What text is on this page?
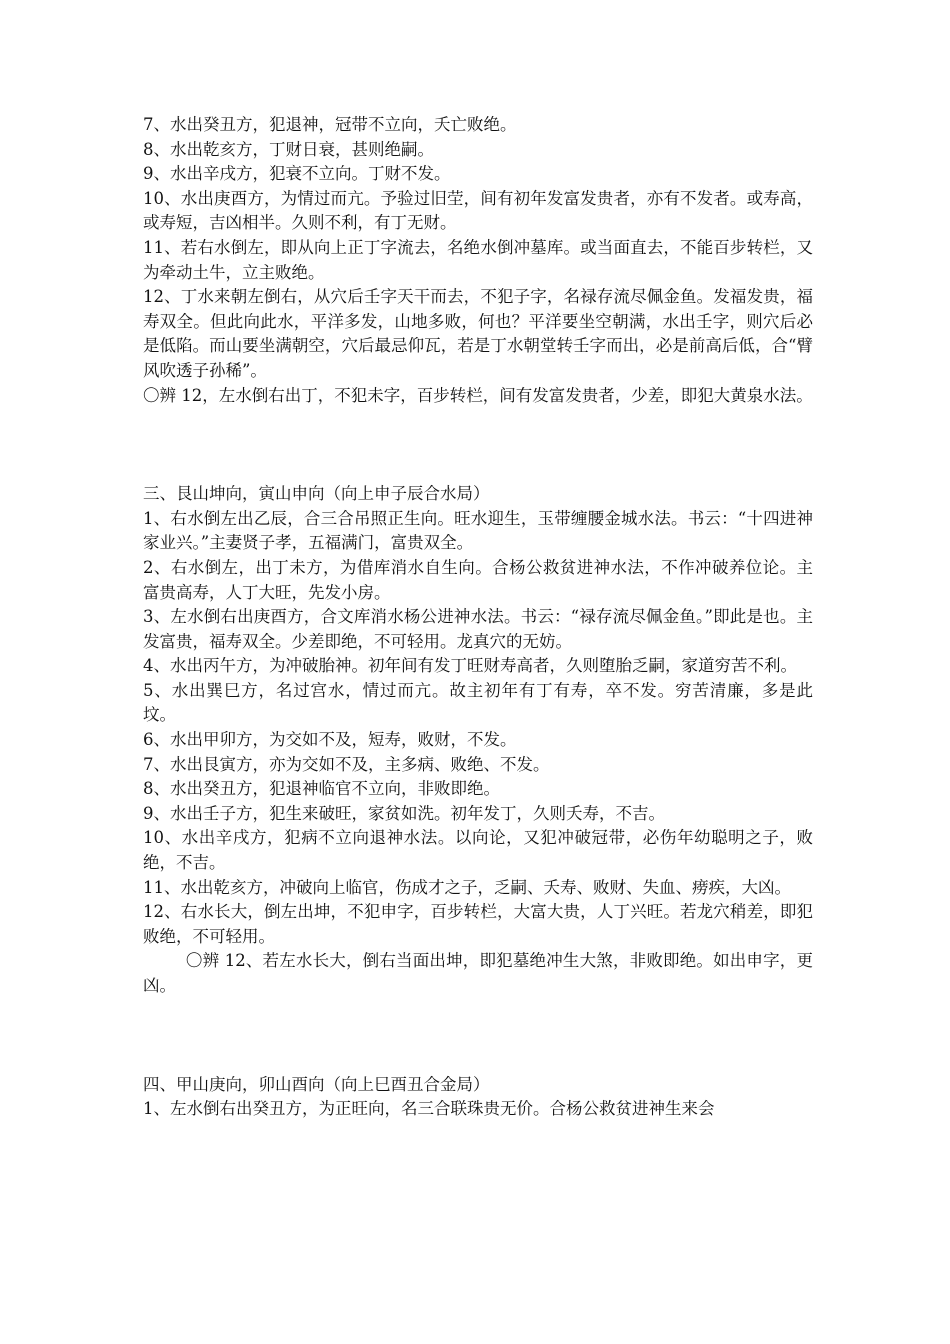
7、水出癸丑方，犯退神，冠带不立向，夭亡败绝。

8、水出乾亥方，丁财日衰，甚则绝嗣。

9、水出辛戌方，犯衰不立向。丁财不发。

10、水出庚酉方，为情过而亢。予验过旧茔，间有初年发富发贵者，亦有不发者。或寿高，或寿短，吉凶相半。久则不利，有丁无财。

11、若右水倒左，即从向上正丁字流去，名绝水倒冲墓库。或当面直去，不能百步转栏，又为牵动土牛，立主败绝。

12、丁水来朝左倒右，从穴后壬字天干而去，不犯子字，名禄存流尽佩金鱼。发福发贵，福寿双全。但此向此水，平洋多发，山地多败，何也？平洋要坐空朝满，水出壬字，则穴后必是低陷。而山要坐满朝空，穴后最忌仰瓦，若是丁水朝堂转壬字而出，必是前高后低，合“臂风吹透子孙稀”。

〇辨 12，左水倒右出丁，不犯未字，百步转栏，间有发富发贵者，少差，即犯大黄泉水法。

三、艮山坤向，寅山申向（向上申子辰合水局）

1、右水倒左出乙辰，合三合吊照正生向。旺水迎生，玉带缠腰金城水法。书云：“十四进神家业兴。”主妻贤子孝，五福满门，富贵双全。

2、右水倒左，出丁未方，为借库消水自生向。合杨公救贫进神水法，不作冲破养位论。主富贵高寿，人丁大旺，先发小房。

3、左水倒右出庚酉方，合文库消水杨公进神水法。书云：“禄存流尽佩金鱼。”即此是也。主发富贵，福寿双全。少差即绝，不可轻用。龙真穴的无妨。

4、水出丙午方，为冲破胎神。初年间有发丁旺财寿高者，久则堕胎乏嗣，家道穷苦不利。

5、水出巽巳方，名过宫水，情过而亢。故主初年有丁有寿，卒不发。穷苦清廉，多是此坟。

6、水出甲卯方，为交如不及，短寿，败财，不发。

7、水出艮寅方，亦为交如不及，主多病、败绝、不发。

8、水出癸丑方，犯退神临官不立向，非败即绝。

9、水出壬子方，犯生来破旺，家贫如洗。初年发丁，久则夭寿，不吉。

10、水出辛戌方，犯病不立向退神水法。以向论，又犯冲破冠带，必伤年幼聪明之子，败绝，不吉。

11、水出乾亥方，冲破向上临官，伤成才之子，乏嗣、夭寿、败财、失血、痨疾，大凶。

12、右水长大，倒左出坤，不犯申字，百步转栏，大富大贵，人丁兴旺。若龙穴稍差，即犯败绝，不可轻用。

〇辨 12、若左水长大，倒右当面出坤，即犯墓绝冲生大煞，非败即绝。如出申字，更凶。

四、甲山庚向，卯山酉向（向上巳酉丑合金局）

1、左水倒右出癸丑方，为正旺向，名三合联珠贵无价。合杨公救贫进神生来会
